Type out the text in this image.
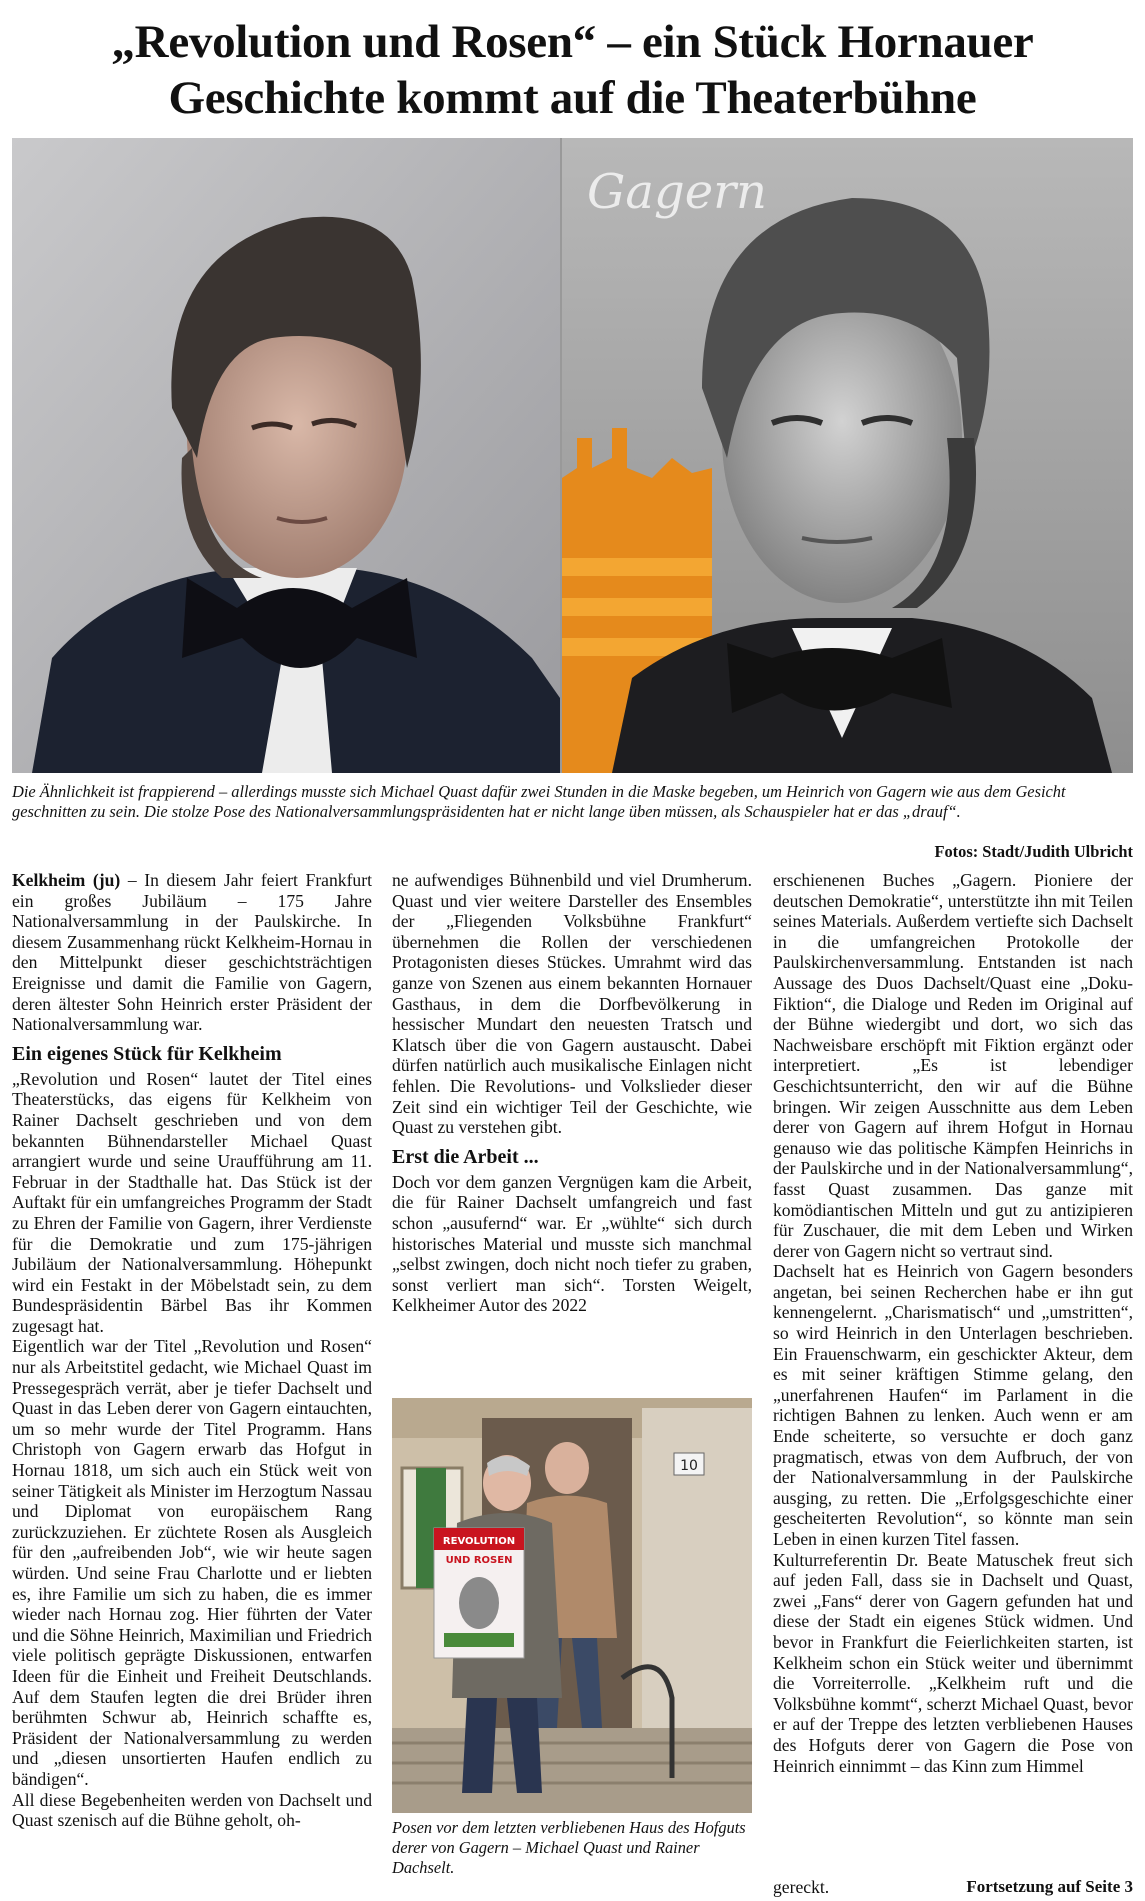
„Revolution und Rosen“ – ein Stück Hornauer
Geschichte kommt auf die Theaterbühne
Gagern

Die Ähnlichkeit ist frappierend – allerdings musste sich Michael Quast dafür zwei Stunden in die Maske begeben, um Heinrich von Gagern wie aus dem Gesicht geschnitten zu sein. Die stolze Pose des Nationalversammlungspräsidenten hat er nicht lange üben müssen, als Schauspieler hat er das „drauf“.

Fotos: Stadt/Judith Ulbricht

Kelkheim (ju) – In diesem Jahr feiert Frankfurt ein großes Jubiläum – 175 Jahre Nationalversammlung in der Paulskirche. In diesem Zusammenhang rückt Kelkheim-Hornau in den Mittelpunkt dieser geschichtsträchtigen Ereignisse und damit die Familie von Gagern, deren ältester Sohn Heinrich erster Präsident der Nationalversammlung war.

Ein eigenes Stück für Kelkheim

„Revolution und Rosen“ lautet der Titel eines Theaterstücks, das eigens für Kelkheim von Rainer Dachselt geschrieben und von dem bekannten Bühnendarsteller Michael Quast arrangiert wurde und seine Uraufführung am 11. Februar in der Stadthalle hat. Das Stück ist der Auftakt für ein umfangreiches Programm der Stadt zu Ehren der Familie von Gagern, ihrer Verdienste für die Demokratie und zum 175-jährigen Jubiläum der Nationalversammlung. Höhepunkt wird ein Festakt in der Möbelstadt sein, zu dem Bundespräsidentin Bärbel Bas ihr Kommen zugesagt hat.

Eigentlich war der Titel „Revolution und Rosen“ nur als Arbeitstitel gedacht, wie Michael Quast im Pressegespräch verrät, aber je tiefer Dachselt und Quast in das Leben derer von Gagern eintauchten, um so mehr wurde der Titel Programm. Hans Christoph von Gagern erwarb das Hofgut in Hornau 1818, um sich auch ein Stück weit von seiner Tätigkeit als Minister im Herzogtum Nassau und Diplomat von europäischem Rang zurückzuziehen. Er züchtete Rosen als Ausgleich für den „aufreibenden Job“, wie wir heute sagen würden. Und seine Frau Charlotte und er liebten es, ihre Familie um sich zu haben, die es immer wieder nach Hornau zog. Hier führten der Vater und die Söhne Heinrich, Maximilian und Friedrich viele politisch geprägte Diskussionen, entwarfen Ideen für die Einheit und Freiheit Deutschlands. Auf dem Staufen legten die drei Brüder ihren berühmten Schwur ab, Heinrich schaffte es, Präsident der Nationalversammlung zu werden und „diesen unsortierten Haufen endlich zu bändigen“.

All diese Begebenheiten werden von Dachselt und Quast szenisch auf die Bühne geholt, oh-

ne aufwendiges Bühnenbild und viel Drumherum. Quast und vier weitere Darsteller des Ensembles der „Fliegenden Volksbühne Frankfurt“ übernehmen die Rollen der verschiedenen Protagonisten dieses Stückes. Umrahmt wird das ganze von Szenen aus einem bekannten Hornauer Gasthaus, in dem die Dorfbevölkerung in hessischer Mundart den neuesten Tratsch und Klatsch über die von Gagern austauscht. Dabei dürfen natürlich auch musikalische Einlagen nicht fehlen. Die Revolutions- und Volkslieder dieser Zeit sind ein wichtiger Teil der Geschichte, wie Quast zu verstehen gibt.

Erst die Arbeit ...

Doch vor dem ganzen Vergnügen kam die Arbeit, die für Rainer Dachselt umfangreich und fast schon „ausufernd“ war. Er „wühlte“ sich durch historisches Material und musste sich manchmal „selbst zwingen, doch nicht noch tiefer zu graben, sonst verliert man sich“. Torsten Weigelt, Kelkheimer Autor des 2022

10
REVOLUTION
UND ROSEN

Posen vor dem letzten verbliebenen Haus des Hofguts derer von Gagern – Michael Quast und Rainer Dachselt.

erschienenen Buches „Gagern. Pioniere der deutschen Demokratie“, unterstützte ihn mit Teilen seines Materials. Außerdem vertiefte sich Dachselt in die umfangreichen Protokolle der Paulskirchenversammlung. Entstanden ist nach Aussage des Duos Dachselt/Quast eine „Doku-Fiktion“, die Dialoge und Reden im Original auf der Bühne wiedergibt und dort, wo sich das Nachweisbare erschöpft mit Fiktion ergänzt oder interpretiert. „Es ist lebendiger Geschichtsunterricht, den wir auf die Bühne bringen. Wir zeigen Ausschnitte aus dem Leben derer von Gagern auf ihrem Hofgut in Hornau genauso wie das politische Kämpfen Heinrichs in der Paulskirche und in der Nationalversammlung“, fasst Quast zusammen. Das ganze mit komödiantischen Mitteln und gut zu antizipieren für Zuschauer, die mit dem Leben und Wirken derer von Gagern nicht so vertraut sind.

Dachselt hat es Heinrich von Gagern besonders angetan, bei seinen Recherchen habe er ihn gut kennengelernt. „Charismatisch“ und „umstritten“, so wird Heinrich in den Unterlagen beschrieben. Ein Frauenschwarm, ein geschickter Akteur, dem es mit seiner kräftigen Stimme gelang, den „unerfahrenen Haufen“ im Parlament in die richtigen Bahnen zu lenken. Auch wenn er am Ende scheiterte, so versuchte er doch ganz pragmatisch, etwas von dem Aufbruch, der von der Nationalversammlung in der Paulskirche ausging, zu retten. Die „Erfolgsgeschichte einer gescheiterten Revolution“, so könnte man sein Leben in einen kurzen Titel fassen.

Kulturreferentin Dr. Beate Matuschek freut sich auf jeden Fall, dass sie in Dachselt und Quast, zwei „Fans“ derer von Gagern gefunden hat und diese der Stadt ein eigenes Stück widmen. Und bevor in Frankfurt die Feierlichkeiten starten, ist Kelkheim schon ein Stück weiter und übernimmt die Vorreiterrolle. „Kelkheim ruft und die Volksbühne kommt“, scherzt Michael Quast, bevor er auf der Treppe des letzten verbliebenen Hauses des Hofguts derer von Gagern die Pose von Heinrich einnimmt – das Kinn zum Himmel

gereckt.	Fortsetzung auf Seite 3
